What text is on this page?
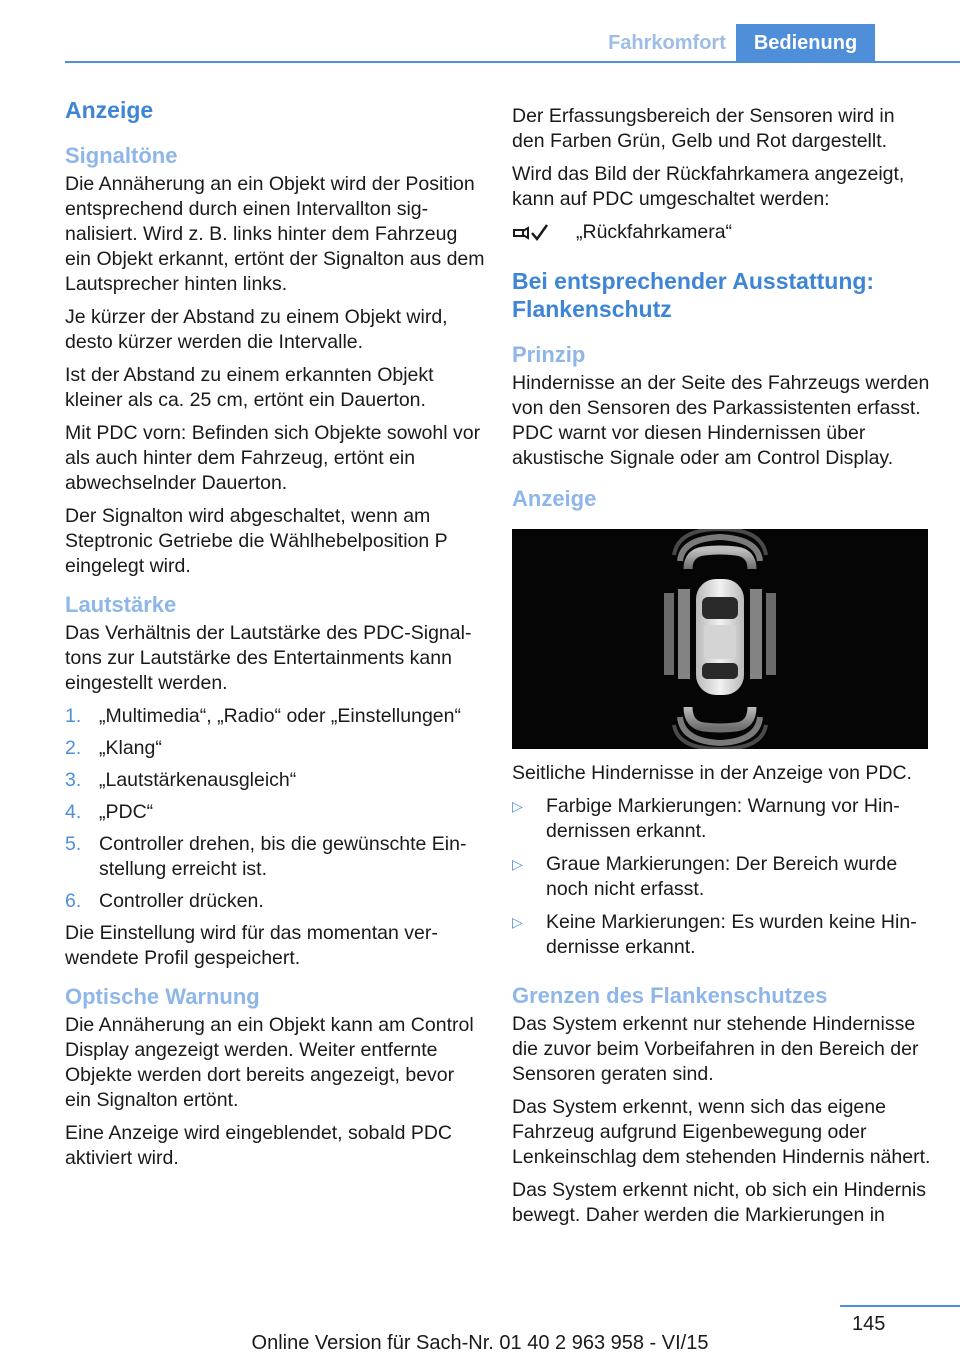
Fahrkomfort	Bedienung
Anzeige
Signaltöne

Die Annäherung an ein Objekt wird der Position entsprechend durch einen Intervallton signalisiert. Wird z. B. links hinter dem Fahrzeug ein Objekt erkannt, ertönt der Signalton aus dem Lautsprecher hinten links.

Je kürzer der Abstand zu einem Objekt wird, desto kürzer werden die Intervalle.

Ist der Abstand zu einem erkannten Objekt kleiner als ca. 25 cm, ertönt ein Dauerton.

Mit PDC vorn: Befinden sich Objekte sowohl vor als auch hinter dem Fahrzeug, ertönt ein abwechselnder Dauerton.

Der Signalton wird abgeschaltet, wenn am Steptronic Getriebe die Wählhebelposition P eingelegt wird.

Lautstärke

Das Verhältnis der Lautstärke des PDC-Signaltons zur Lautstärke des Entertainments kann eingestellt werden.

1. „Multimedia“, „Radio“ oder „Einstellungen“
2. „Klang“
3. „Lautstärkenausgleich“
4. „PDC“
5. Controller drehen, bis die gewünschte Einstellung erreicht ist.
6. Controller drücken.

Die Einstellung wird für das momentan verwendete Profil gespeichert.

Optische Warnung

Die Annäherung an ein Objekt kann am Control Display angezeigt werden. Weiter entfernte Objekte werden dort bereits angezeigt, bevor ein Signalton ertönt.

Eine Anzeige wird eingeblendet, sobald PDC aktiviert wird.

Der Erfassungsbereich der Sensoren wird in den Farben Grün, Gelb und Rot dargestellt.

Wird das Bild der Rückfahrkamera angezeigt, kann auf PDC umgeschaltet werden:

„Rückfahrkamera“
Bei entsprechender Ausstattung: Flankenschutz
Prinzip

Hindernisse an der Seite des Fahrzeugs werden von den Sensoren des Parkassistenten erfasst. PDC warnt vor diesen Hindernissen über akustische Signale oder am Control Display.

Anzeige

Seitliche Hindernisse in der Anzeige von PDC.

▷	Farbige Markierungen: Warnung vor Hindernissen erkannt.
▷	Graue Markierungen: Der Bereich wurde noch nicht erfasst.
▷	Keine Markierungen: Es wurden keine Hindernisse erkannt.
Grenzen des Flankenschutzes

Das System erkennt nur stehende Hindernisse die zuvor beim Vorbeifahren in den Bereich der Sensoren geraten sind.

Das System erkennt, wenn sich das eigene Fahrzeug aufgrund Eigenbewegung oder Lenkeinschlag dem stehenden Hindernis nähert.

Das System erkennt nicht, ob sich ein Hindernis bewegt. Daher werden die Markierungen in

145
Online Version für Sach-Nr. 01 40 2 963 958 - VI/15
